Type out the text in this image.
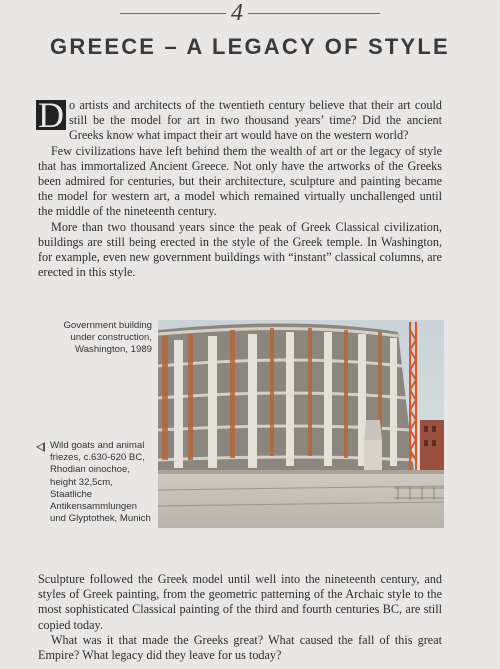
4
GREECE – A LEGACY OF STYLE

D o artists and architects of the twentieth century believe that their art could still be the model for art in two thousand years’ time? Did the ancient Greeks know what impact their art would have on the western world?

Few civilizations have left behind them the wealth of art or the legacy of style that has immortalized Ancient Greece. Not only have the artworks of the Greeks been admired for centuries, but their architecture, sculpture and painting became the model for western art, a model which remained virtually unchallenged until the middle of the nineteenth century.

More than two thousand years since the peak of Greek Classical civilization, buildings are still being erected in the style of the Greek temple. In Washington, for example, even new government buildings with “instant” classical columns, are erected in this style.

Government building under construction, Washington, 1989
Wild goats and animal friezes, c.630-620 BC, Rhodian oinochoe, height 32,5cm, Staatliche Antikensammlungen und Glyptothek, Munich

Sculpture followed the Greek model until well into the nineteenth century, and styles of Greek painting, from the geometric patterning of the Archaic style to the most sophisticated Classical painting of the third and fourth centuries BC, are still copied today.

What was it that made the Greeks great? What caused the fall of this great Empire? What legacy did they leave for us today?
